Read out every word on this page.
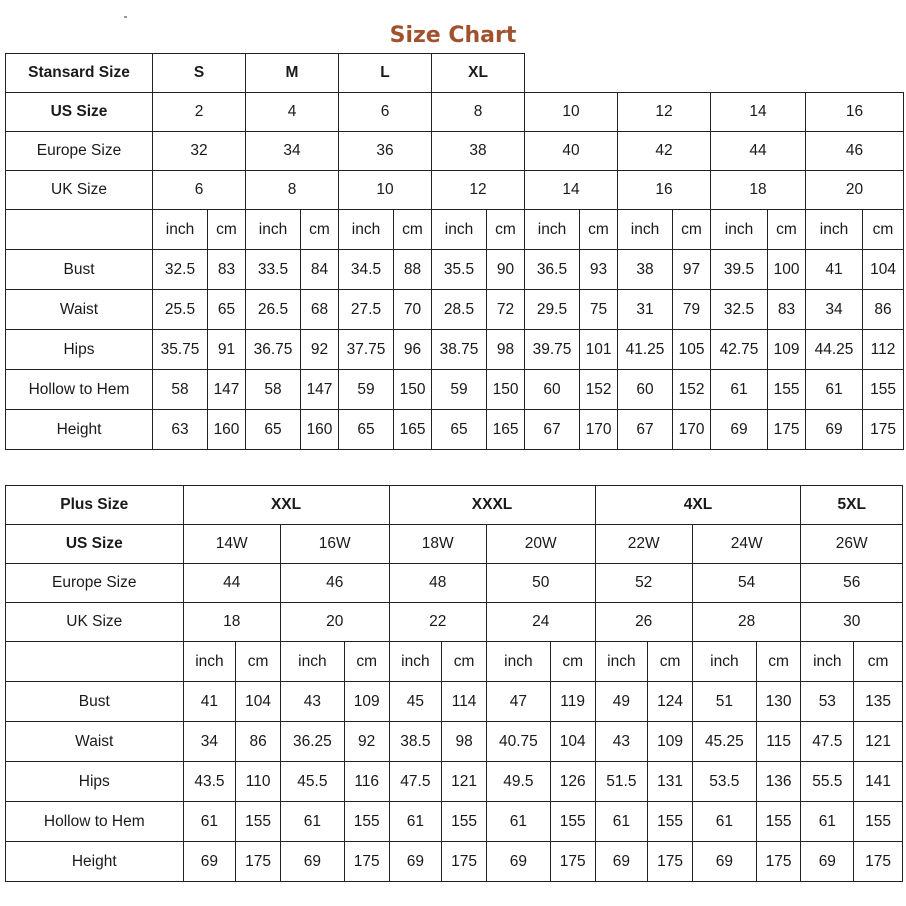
Size Chart
Stansard Size	S		M		L		XL									
US Size	2		4		6		8		10		12		14		16	
Europe Size	32		34		36		38		40		42		44		46	
UK Size	6		8		10		12		14		16		18		20	
	inch	cm	inch	cm	inch	cm	inch	cm	inch	cm	inch	cm	inch	cm	inch	cm
Bust	32.5	83	33.5	84	34.5	88	35.5	90	36.5	93	38	97	39.5	100	41	104
Waist	25.5	65	26.5	68	27.5	70	28.5	72	29.5	75	31	79	32.5	83	34	86
Hips	35.75	91	36.75	92	37.75	96	38.75	98	39.75	101	41.25	105	42.75	109	44.25	112
Hollow to Hem	58	147	58	147	59	150	59	150	60	152	60	152	61	155	61	155
Height	63	160	65	160	65	165	65	165	67	170	67	170	69	175	69	175
Plus Size	XXL				XXXL				4XL				5XL	
US Size	14W		16W		18W		20W		22W		24W		26W	
Europe Size	44		46		48		50		52		54		56	
UK Size	18		20		22		24		26		28		30	
	inch	cm	inch	cm	inch	cm	inch	cm	inch	cm	inch	cm	inch	cm
Bust	41	104	43	109	45	114	47	119	49	124	51	130	53	135
Waist	34	86	36.25	92	38.5	98	40.75	104	43	109	45.25	115	47.5	121
Hips	43.5	110	45.5	116	47.5	121	49.5	126	51.5	131	53.5	136	55.5	141
Hollow to Hem	61	155	61	155	61	155	61	155	61	155	61	155	61	155
Height	69	175	69	175	69	175	69	175	69	175	69	175	69	175
